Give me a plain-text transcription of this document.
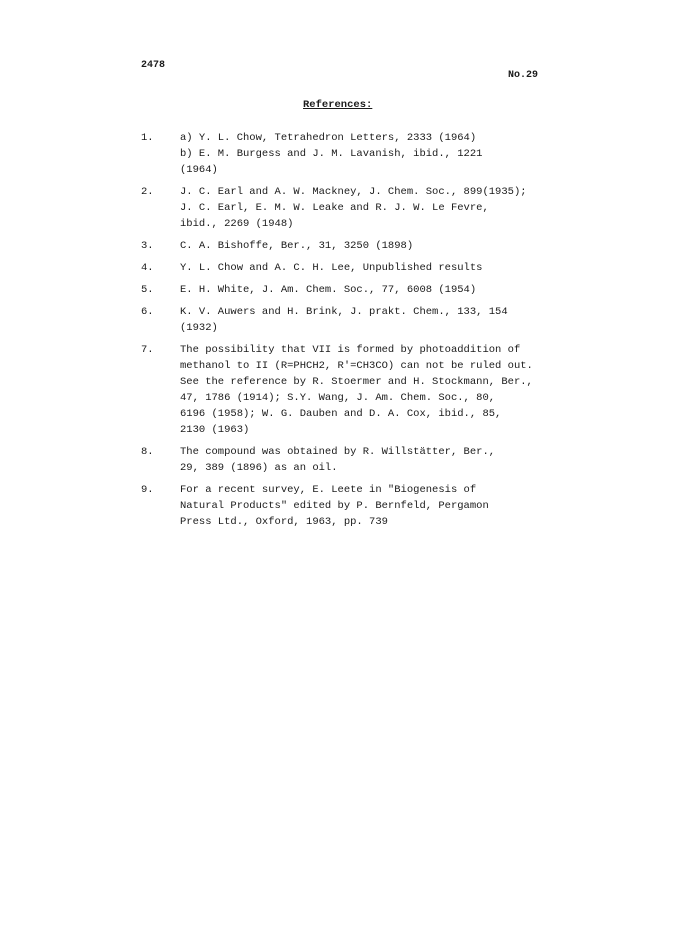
2478
No.29
References:
1.	a) Y. L. Chow, Tetrahedron Letters, 2333 (1964)
b) E. M. Burgess and J. M. Lavanish, ibid., 1221
(1964)
2.	J. C. Earl and A. W. Mackney, J. Chem. Soc., 899(1935);
J. C. Earl, E. M. W. Leake and R. J. W. Le Fevre,
ibid., 2269 (1948)
3.	C. A. Bishoffe, Ber., 31, 3250 (1898)
4.	Y. L. Chow and A. C. H. Lee, Unpublished results
5.	E. H. White, J. Am. Chem. Soc., 77, 6008 (1954)
6.	K. V. Auwers and H. Brink, J. prakt. Chem., 133, 154
(1932)
7.	The possibility that VII is formed by photoaddition of
methanol to II (R=PHCH2, R'=CH3CO) can not be ruled out.
See the reference by R. Stoermer and H. Stockmann, Ber.,
47, 1786 (1914); S.Y. Wang, J. Am. Chem. Soc., 80,
6196 (1958); W. G. Dauben and D. A. Cox, ibid., 85,
2130 (1963)
8.	The compound was obtained by R. Willstätter, Ber.,
29, 389 (1896) as an oil.
9.	For a recent survey, E. Leete in "Biogenesis of
Natural Products" edited by P. Bernfeld, Pergamon
Press Ltd., Oxford, 1963, pp. 739
